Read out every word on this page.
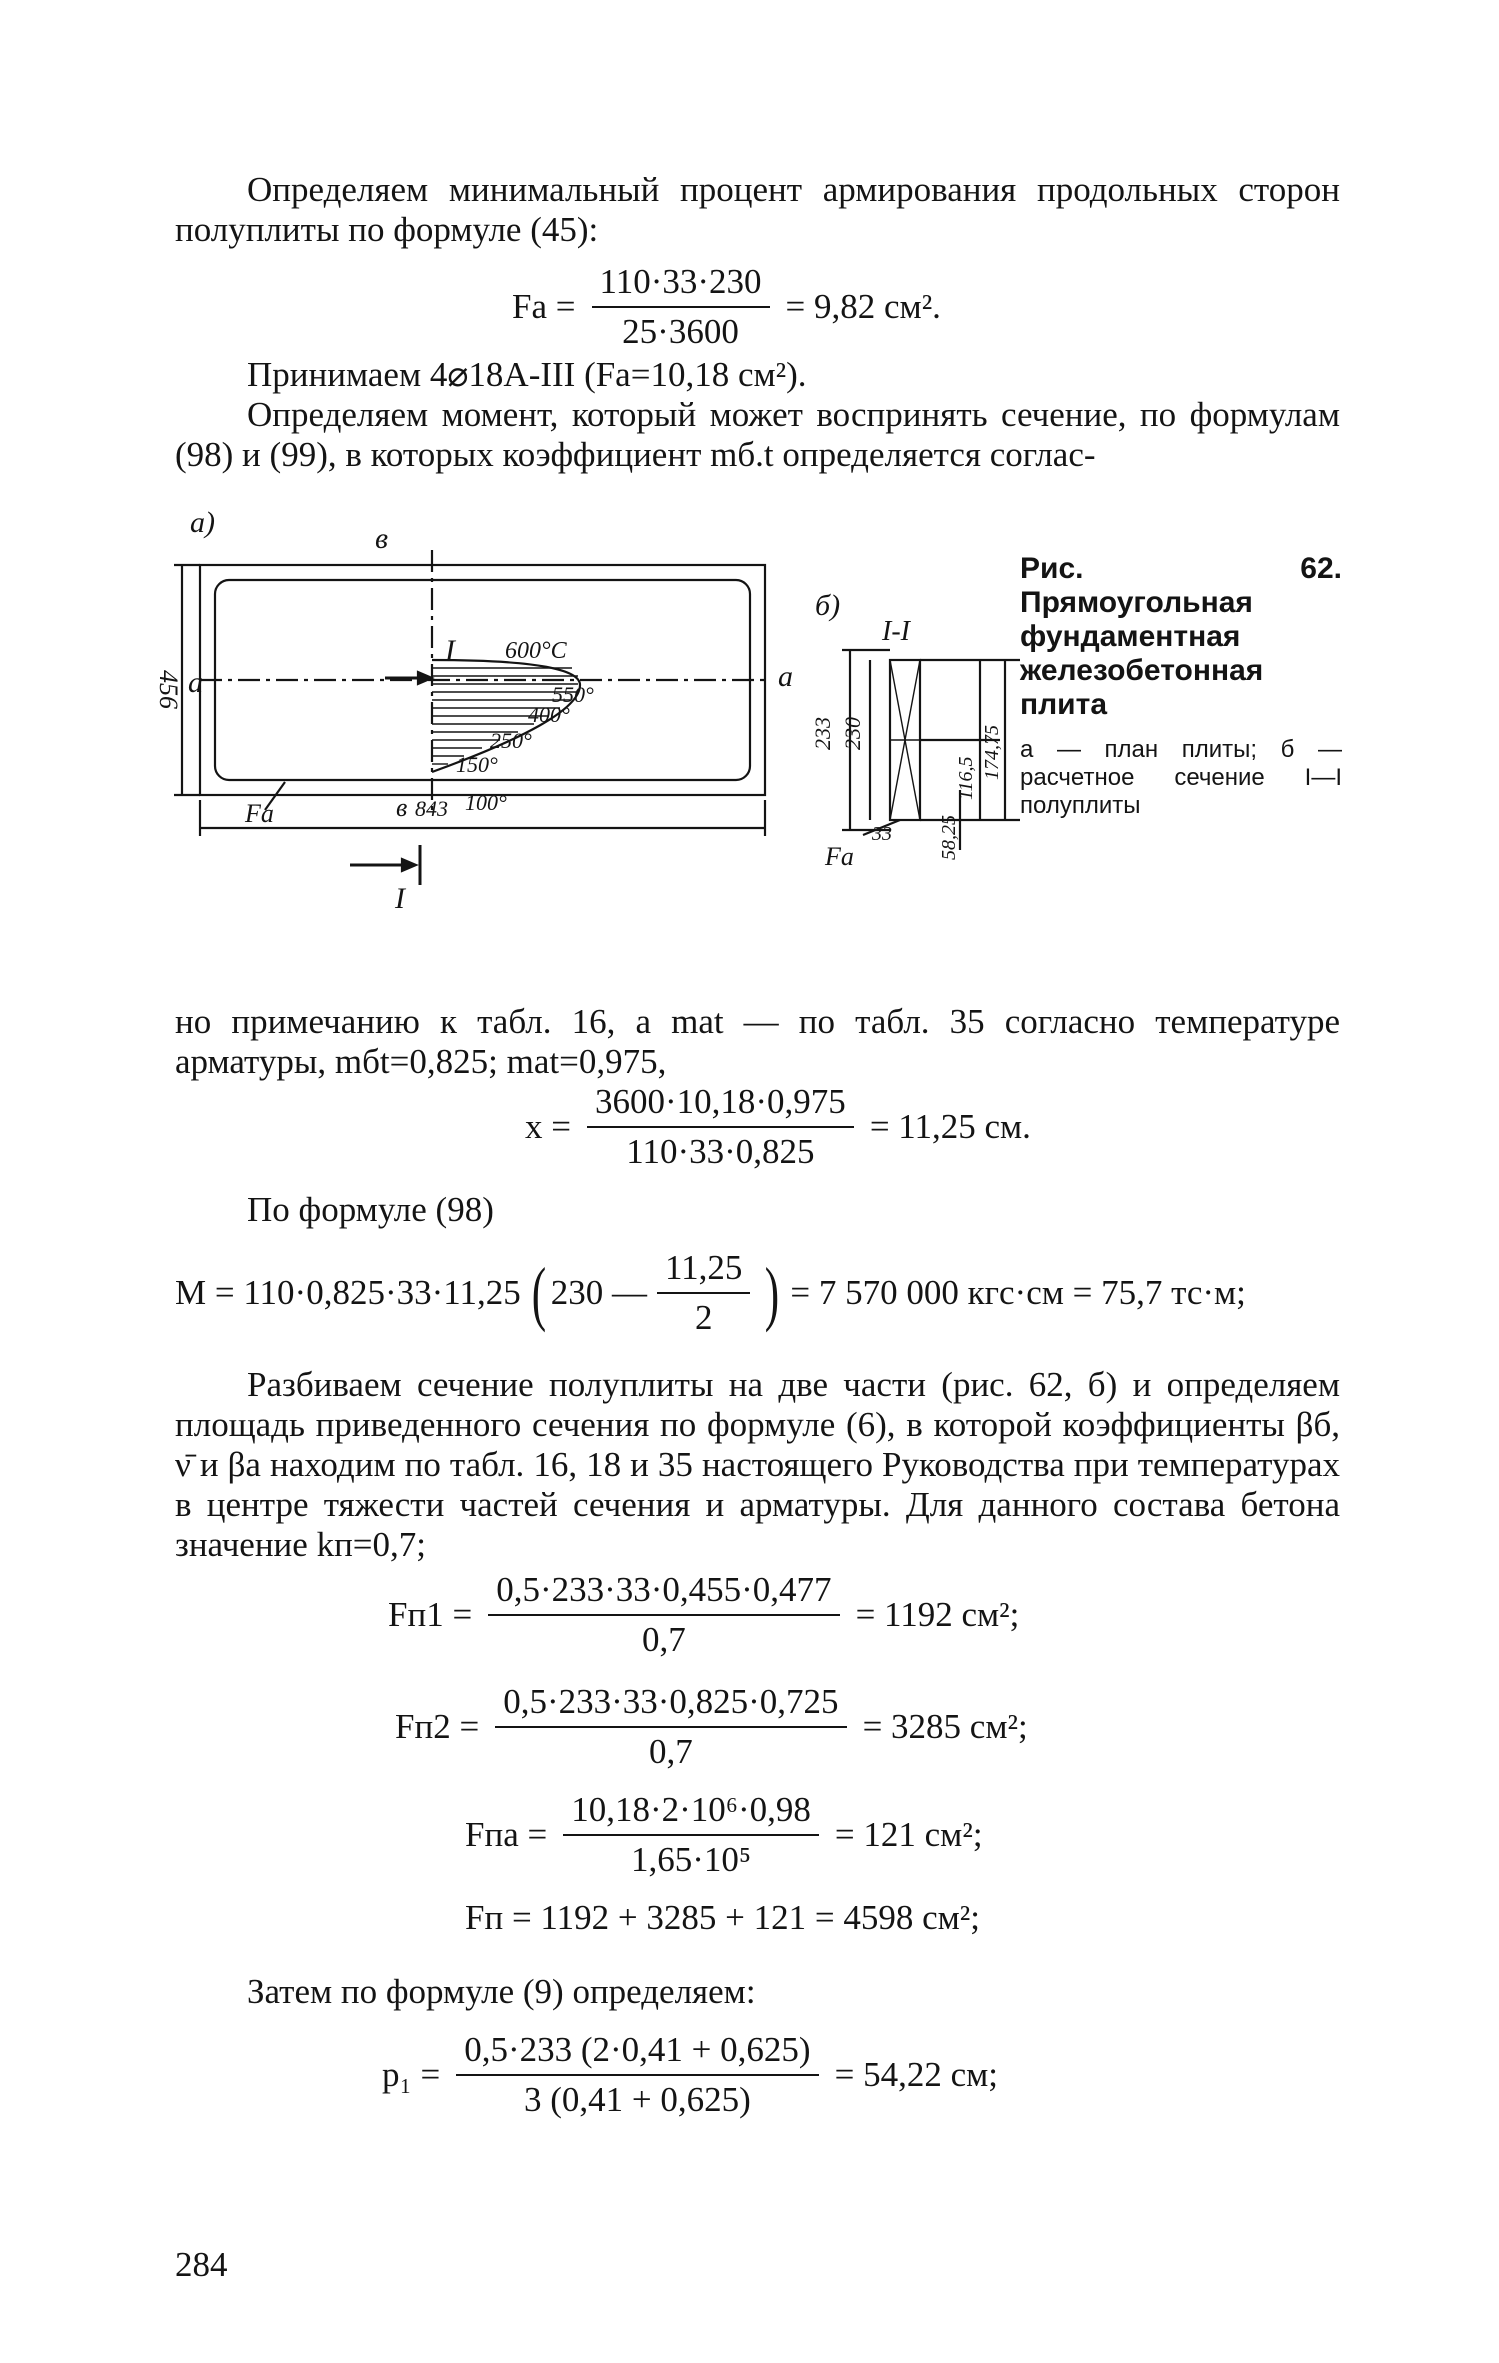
Определяем минимальный процент армирования продольных сторон полуплиты по формуле (45):
$Fa = \frac{110\cdot 33\cdot 230}{25\cdot 3600} = 9,82$ см².
Принимаем 4⌀18A-III (Fa=10,18 см²).
Определяем момент, который может воспринять сечение, по формулам (98) и (99), в которых коэффициент mб.t определяется соглас-
а)	в
I 600°C
550°
400°
250°
150°
843 100°
в
а	а
Fa
I
456
б)
I-I
233 230
116,5 174,75
58,25
33
Fa
Рис. 62. Прямоугольная фундаментная железобетонная плита
а — план плиты; б — расчетное сечение I—I полуплиты
но примечанию к табл. 16, а mat — по табл. 35 согласно температуре арматуры, mбt=0,825; mat=0,975,
$x = \frac{3600\cdot 10,18\cdot 0,975}{110\cdot 33\cdot 0,825} = 11,25$ см.
По формуле (98)
M = 110·0,825·33·11,25 ( 230 — $\frac{11,25}{2}$ ) = 7 570 000 кгс·см = 75,7 тс·м;
Разбиваем сечение полуплиты на две части (рис. 62, б) и определяем площадь приведенного сечения по формуле (6), в которой коэффициенты βб, ν̄ и βa находим по табл. 16, 18 и 35 настоящего Руководства при температурах в центре тяжести частей сечения и арматуры. Для данного состава бетона значение kп=0,7;
$Fп1 = \frac{0,5\cdot 233\cdot 33\cdot 0,455\cdot 0,477}{0,7} = 1192$ см²;
$Fп2 = \frac{0,5\cdot 233\cdot 33\cdot 0,825\cdot 0,725}{0,7} = 3285$ см²;
Fпa = $\frac{\text{10,18·2·10⁶·0,98}}{\text{1,65·10⁵}} = 121$ см²;
Fп = 1192 + 3285 + 121 = 4598 см²;
Затем по формуле (9) определяем:
$p_1 = \frac{0,5\cdot 233 (2\cdot 0,41 + 0,625)}{3 (0,41 + 0,625)} = 54,22$ см;
284
